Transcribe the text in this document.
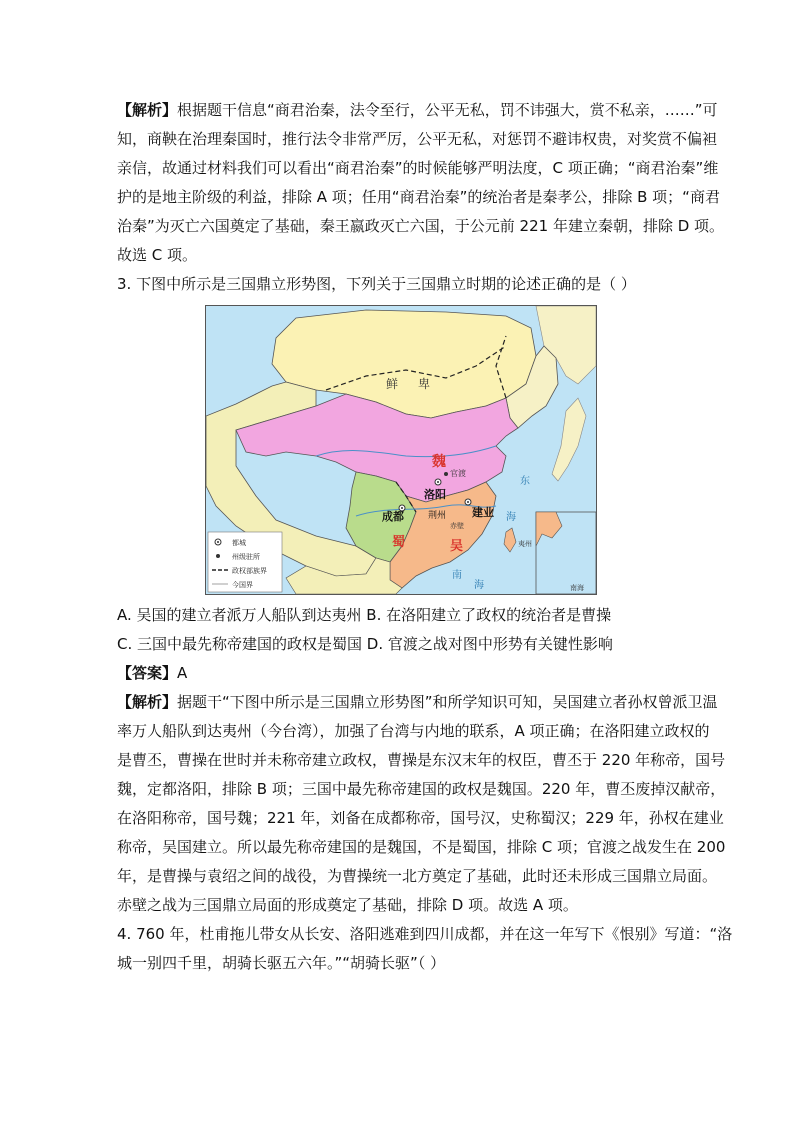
【解析】根据题干信息“商君治秦，法令至行，公平无私，罚不讳强大，赏不私亲，……”可

知，商鞅在治理秦国时，推行法令非常严厉，公平无私，对惩罚不避讳权贵，对奖赏不偏袒

亲信，故通过材料我们可以看出“商君治秦”的时候能够严明法度，C 项正确；“商君治秦”维

护的是地主阶级的利益，排除 A 项；任用“商君治秦”的统治者是秦孝公，排除 B 项；“商君

治秦”为灭亡六国奠定了基础，秦王嬴政灭亡六国，于公元前 221 年建立秦朝，排除 D 项。

故选 C 项。

3. 下图中所示是三国鼎立形势图，下列关于三国鼎立时期的论述正确的是（ ）

鲜 卑
魏
官渡
洛阳
成都	建业
荆州
赤壁
蜀	吴	夷州
东
海
南
海	南海
都城
州级驻所
政权部族界
今国界

A. 吴国的建立者派万人船队到达夷州 B. 在洛阳建立了政权的统治者是曹操

C. 三国中最先称帝建国的政权是蜀国 D. 官渡之战对图中形势有关键性影响

【答案】A

【解析】据题干“下图中所示是三国鼎立形势图”和所学知识可知，吴国建立者孙权曾派卫温

率万人船队到达夷州（今台湾），加强了台湾与内地的联系，A 项正确；在洛阳建立政权的

是曹丕，曹操在世时并未称帝建立政权，曹操是东汉末年的权臣，曹丕于 220 年称帝，国号

魏，定都洛阳，排除 B 项；三国中最先称帝建国的政权是魏国。220 年，曹丕废掉汉献帝，

在洛阳称帝，国号魏；221 年，刘备在成都称帝，国号汉，史称蜀汉；229 年，孙权在建业

称帝，吴国建立。所以最先称帝建国的是魏国，不是蜀国，排除 C 项；官渡之战发生在 200

年，是曹操与袁绍之间的战役，为曹操统一北方奠定了基础，此时还未形成三国鼎立局面。

赤壁之战为三国鼎立局面的形成奠定了基础，排除 D 项。故选 A 项。

4. 760 年，杜甫拖儿带女从长安、洛阳逃难到四川成都，并在这一年写下《恨别》写道：“洛

城一别四千里，胡骑长驱五六年。”“胡骑长驱”（ ）
